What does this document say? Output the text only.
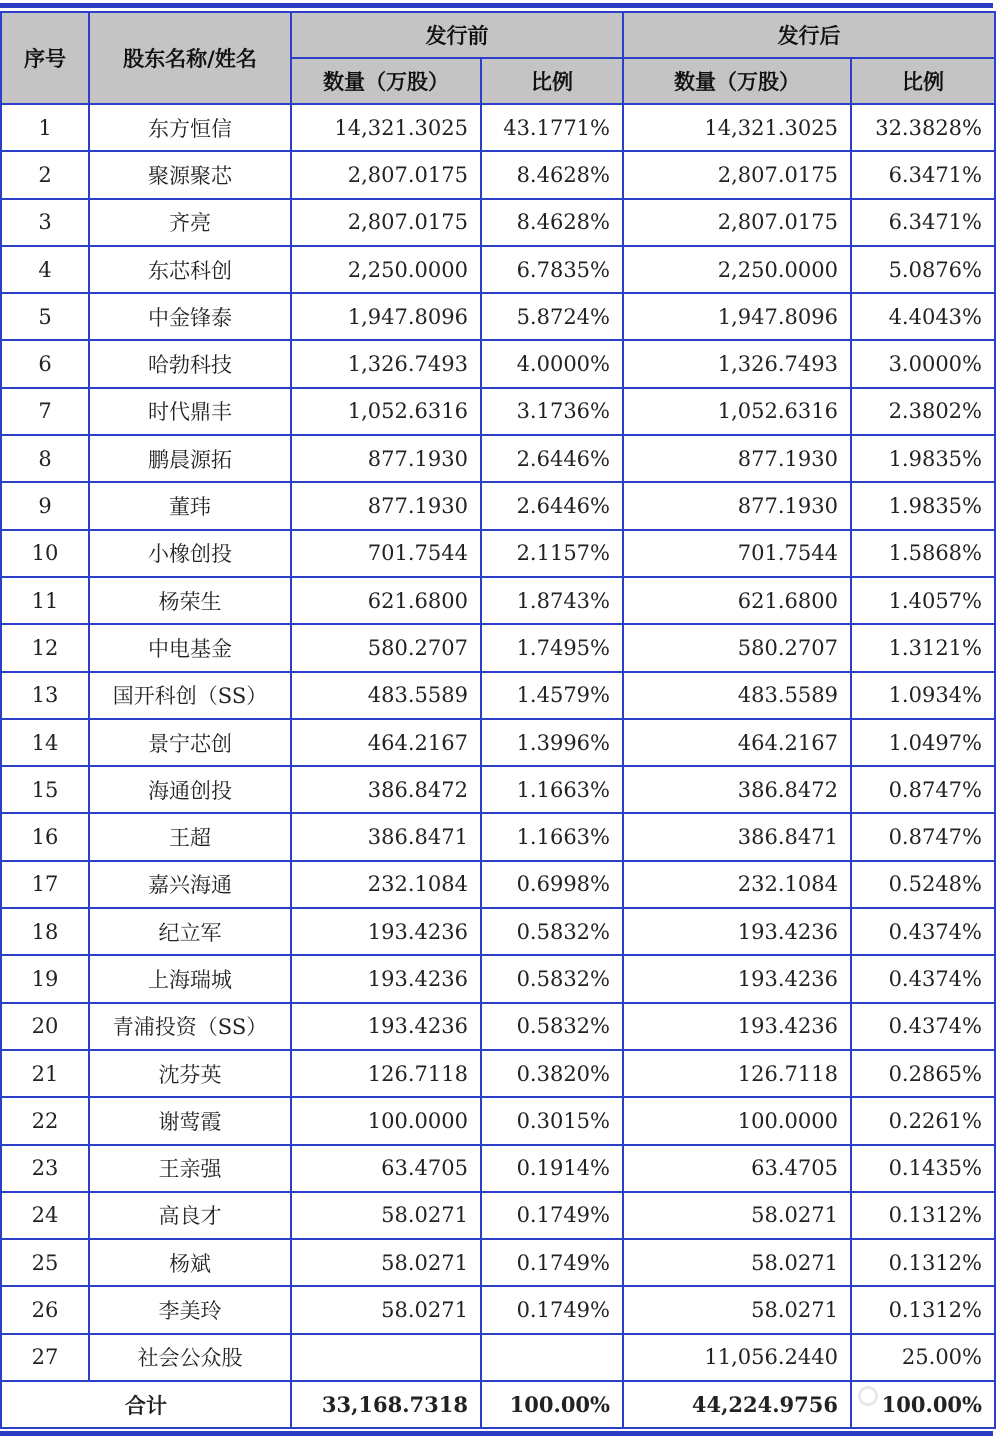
序号	股东名称/姓名	发行前		发行后	
		数量（万股）	比例	数量（万股）	比例
1	东方恒信	14,321.3025	43.1771%	14,321.3025	32.3828%
2	聚源聚芯	2,807.0175	8.4628%	2,807.0175	6.3471%
3	齐亮	2,807.0175	8.4628%	2,807.0175	6.3471%
4	东芯科创	2,250.0000	6.7835%	2,250.0000	5.0876%
5	中金锋泰	1,947.8096	5.8724%	1,947.8096	4.4043%
6	哈勃科技	1,326.7493	4.0000%	1,326.7493	3.0000%
7	时代鼎丰	1,052.6316	3.1736%	1,052.6316	2.3802%
8	鹏晨源拓	877.1930	2.6446%	877.1930	1.9835%
9	董玮	877.1930	2.6446%	877.1930	1.9835%
10	小橡创投	701.7544	2.1157%	701.7544	1.5868%
11	杨荣生	621.6800	1.8743%	621.6800	1.4057%
12	中电基金	580.2707	1.7495%	580.2707	1.3121%
13	国开科创（SS）	483.5589	1.4579%	483.5589	1.0934%
14	景宁芯创	464.2167	1.3996%	464.2167	1.0497%
15	海通创投	386.8472	1.1663%	386.8472	0.8747%
16	王超	386.8471	1.1663%	386.8471	0.8747%
17	嘉兴海通	232.1084	0.6998%	232.1084	0.5248%
18	纪立军	193.4236	0.5832%	193.4236	0.4374%
19	上海瑞城	193.4236	0.5832%	193.4236	0.4374%
20	青浦投资（SS）	193.4236	0.5832%	193.4236	0.4374%
21	沈芬英	126.7118	0.3820%	126.7118	0.2865%
22	谢莺霞	100.0000	0.3015%	100.0000	0.2261%
23	王亲强	63.4705	0.1914%	63.4705	0.1435%
24	高良才	58.0271	0.1749%	58.0271	0.1312%
25	杨斌	58.0271	0.1749%	58.0271	0.1312%
26	李美玲	58.0271	0.1749%	58.0271	0.1312%
27	社会公众股			11,056.2440	25.00%
合计		33,168.7318	100.00%	44,224.9756	100.00%
